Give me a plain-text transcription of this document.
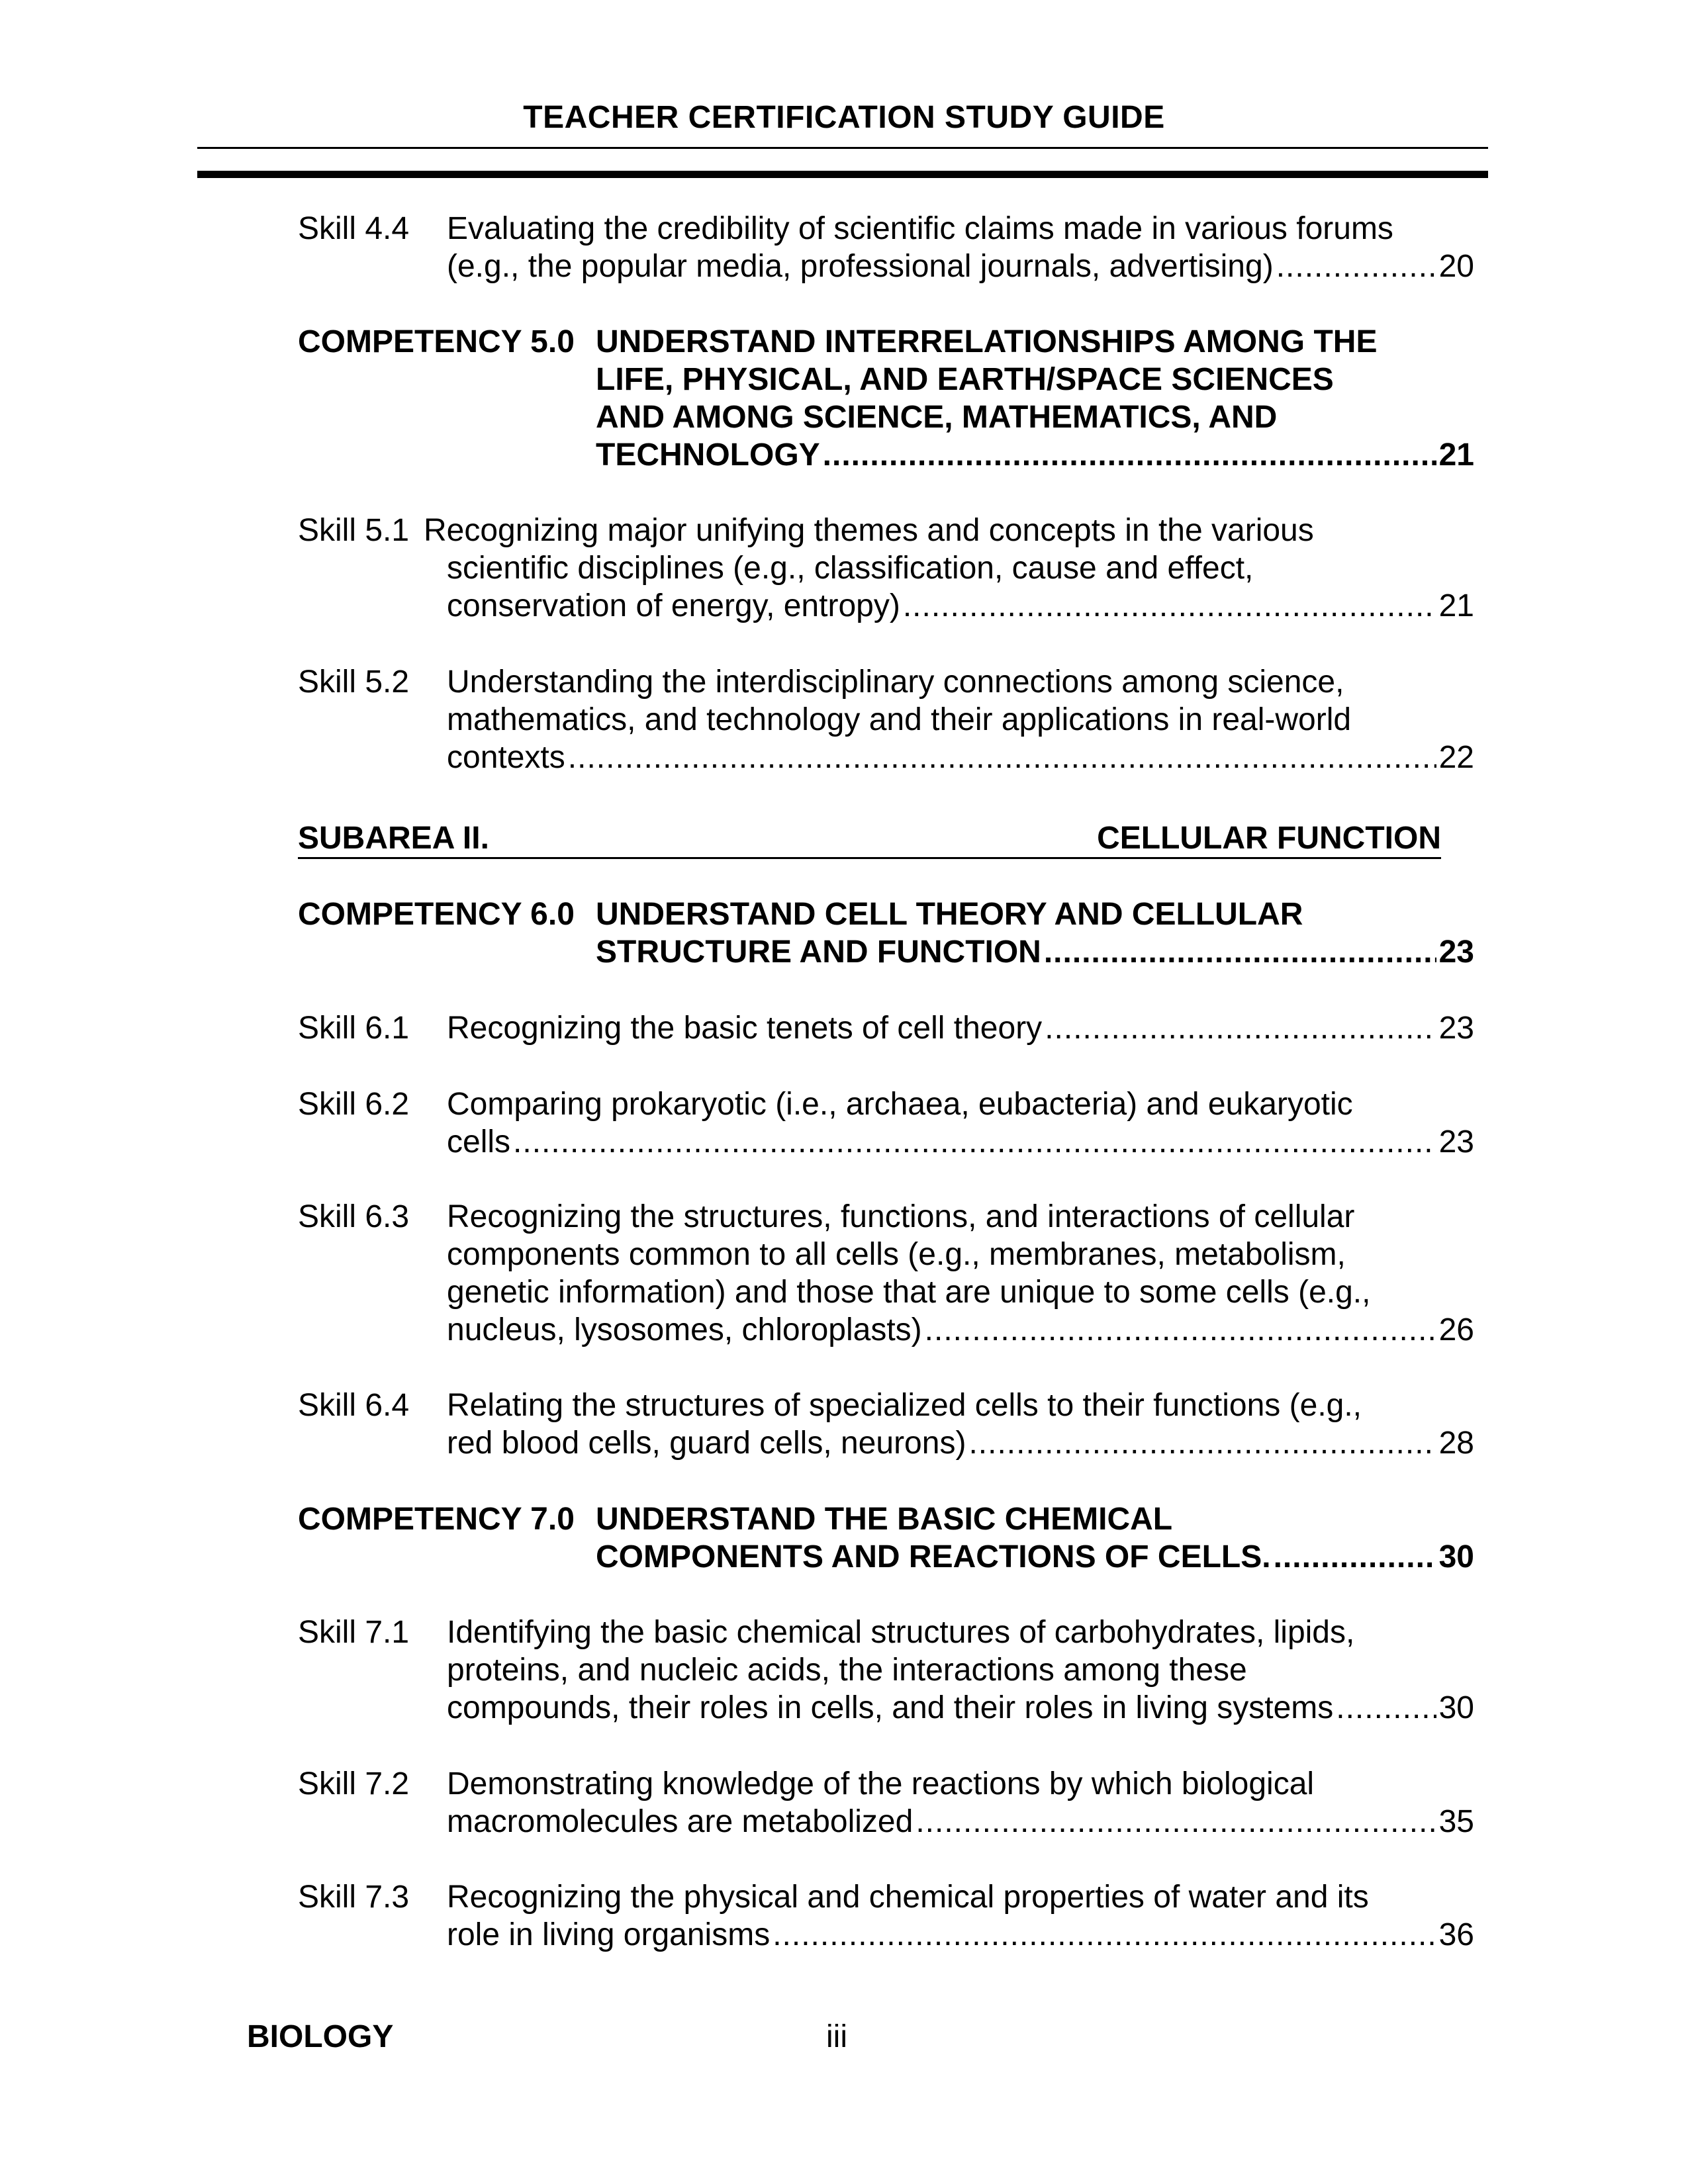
TEACHER CERTIFICATION STUDY GUIDE
Skill 4.4	Evaluating the credibility of scientific claims made in various forums
(e.g., the popular media, professional journals, advertising) .....	20
COMPETENCY 5.0 UNDERSTAND INTERRELATIONSHIPS AMONG THE
LIFE, PHYSICAL, AND EARTH/SPACE SCIENCES
AND AMONG SCIENCE, MATHEMATICS, AND
TECHNOLOGY .....	21
Skill 5.1 Recognizing major unifying themes and concepts in the various
scientific disciplines (e.g., classification, cause and effect,
conservation of energy, entropy) .....	21
Skill 5.2	Understanding the interdisciplinary connections among science,
mathematics, and technology and their applications in real-world
contexts .....	22
SUBAREA II.	CELLULAR FUNCTION
COMPETENCY 6.0 UNDERSTAND CELL THEORY AND CELLULAR
STRUCTURE AND FUNCTION .....	23
Skill 6.1	Recognizing the basic tenets of cell theory .....	23
Skill 6.2	Comparing prokaryotic (i.e., archaea, eubacteria) and eukaryotic
cells .....	23
Skill 6.3	Recognizing the structures, functions, and interactions of cellular
components common to all cells (e.g., membranes, metabolism,
genetic information) and those that are unique to some cells (e.g.,
nucleus, lysosomes, chloroplasts) .....	26
Skill 6.4	Relating the structures of specialized cells to their functions (e.g.,
red blood cells, guard cells, neurons) .....	28
COMPETENCY 7.0 UNDERSTAND THE BASIC CHEMICAL
COMPONENTS AND REACTIONS OF CELLS. .....	30
Skill 7.1	Identifying the basic chemical structures of carbohydrates, lipids,
proteins, and nucleic acids, the interactions among these
compounds, their roles in cells, and their roles in living systems .....	30
Skill 7.2	Demonstrating knowledge of the reactions by which biological
macromolecules are metabolized .....	35
Skill 7.3	Recognizing the physical and chemical properties of water and its
role in living organisms .....	36
BIOLOGY	iii
